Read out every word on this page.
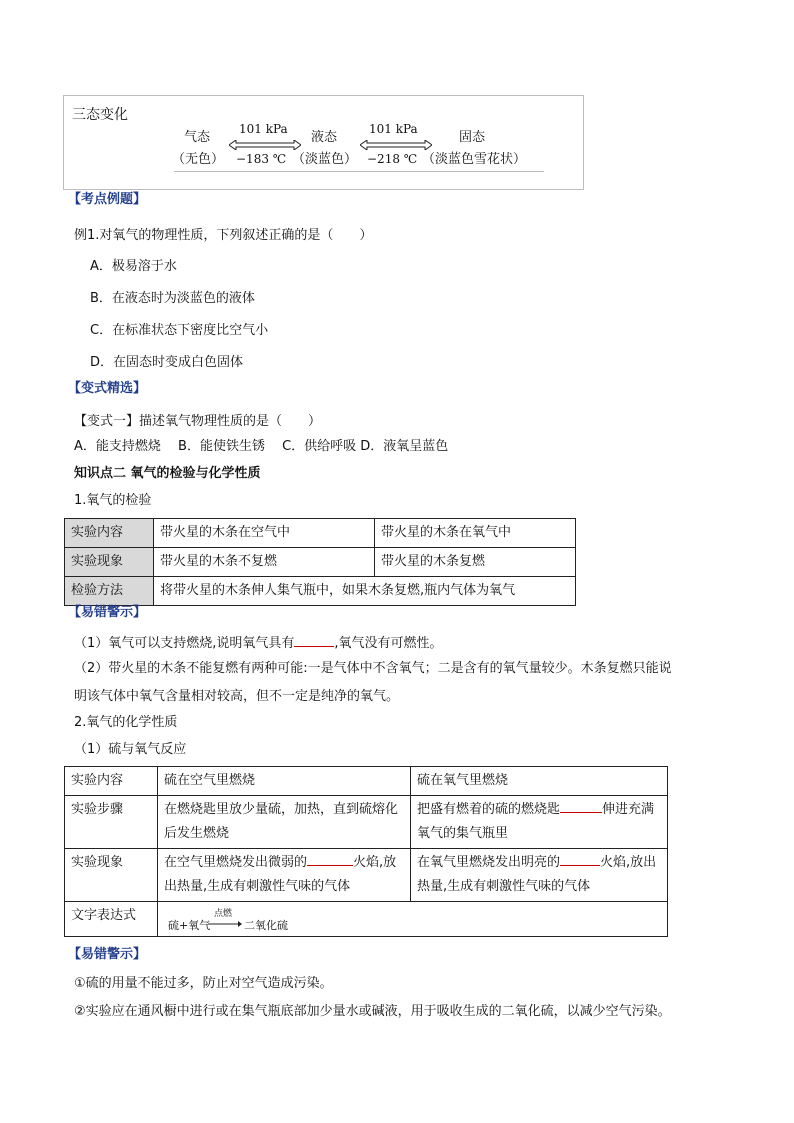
三态变化
气态
（无色）
101 kPa
−183 ℃
液态
（淡蓝色）
101 kPa
−218 ℃
固态
（淡蓝色雪花状）
【考点例题】
例1.对氧气的物理性质，下列叙述正确的是（　　）
A．极易溶于水
B．在液态时为淡蓝色的液体
C．在标准状态下密度比空气小
D．在固态时变成白色固体
【变式精选】
【变式一】描述氧气物理性质的是（　　）
A．能支持燃烧　 B．能使铁生锈　 C．供给呼吸 D．液氧呈蓝色
知识点二 氧气的检验与化学性质
1.氧气的检验
实验内容	带火星的木条在空气中	带火星的木条在氧气中
实验现象	带火星的木条不复燃	带火星的木条复燃
检验方法	将带火星的木条伸人集气瓶中，如果木条复燃,瓶内气体为氧气	
【易错警示】
（1）氧气可以支持燃烧,说明氧气具有	,氧气没有可燃性。
（2）带火星的木条不能复燃有两种可能:一是气体中不含氧气；二是含有的氧气量较少。木条复燃只能说
明该气体中氧气含量相对较高，但不一定是纯净的氧气。
2.氧气的化学性质
（1）硫与氧气反应
实验内容	硫在空气里燃烧	硫在氧气里燃烧
实验步骤	在燃烧匙里放少量硫，加热，直到硫熔化后发生燃烧	把盛有燃着的硫的燃烧匙 伸进充满氧气的集气瓶里
实验现象	在空气里燃烧发出微弱的 火焰,放出热量,生成有刺激性气味的气体	在氧气里燃烧发出明亮的 火焰,放出热量,生成有刺激性气味的气体
文字表达式	硫+氧气
点燃
→ 二氧化硫	
【易错警示】
①硫的用量不能过多，防止对空气造成污染。
②实验应在通风橱中进行或在集气瓶底部加少量水或碱液，用于吸收生成的二氧化硫，以减少空气污染。
